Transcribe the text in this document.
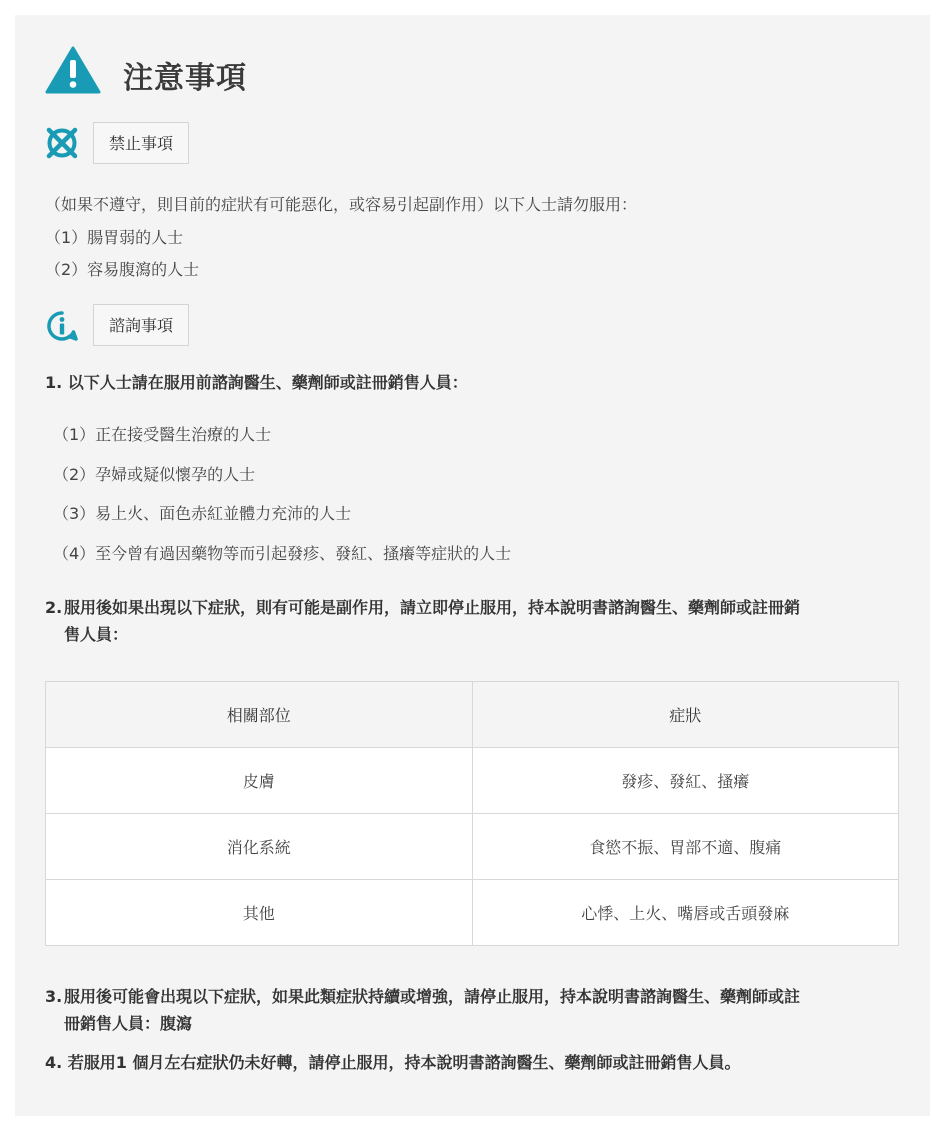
注意事項
禁止事項
（如果不遵守，則目前的症狀有可能惡化，或容易引起副作用）以下人士請勿服用：
（1）腸胃弱的人士
（2）容易腹瀉的人士
諮詢事項
1. 以下人士請在服用前諮詢醫生、藥劑師或註冊銷售人員：
（1）正在接受醫生治療的人士
（2）孕婦或疑似懷孕的人士
（3）易上火、面色赤紅並體力充沛的人士
（4）至今曾有過因藥物等而引起發疹、發紅、搔癢等症狀的人士
2. 服用後如果出現以下症狀，則有可能是副作用，請立即停止服用，持本說明書諮詢醫生、藥劑師或註冊銷
售人員：
相關部位	症狀
皮膚	發疹、發紅、搔癢
消化系統	食慾不振、胃部不適、腹痛
其他	心悸、上火、嘴唇或舌頭發麻
3. 服用後可能會出現以下症狀，如果此類症狀持續或增強，請停止服用，持本說明書諮詢醫生、藥劑師或註
冊銷售人員：腹瀉
4. 若服用1 個月左右症狀仍未好轉，請停止服用，持本說明書諮詢醫生、藥劑師或註冊銷售人員。
